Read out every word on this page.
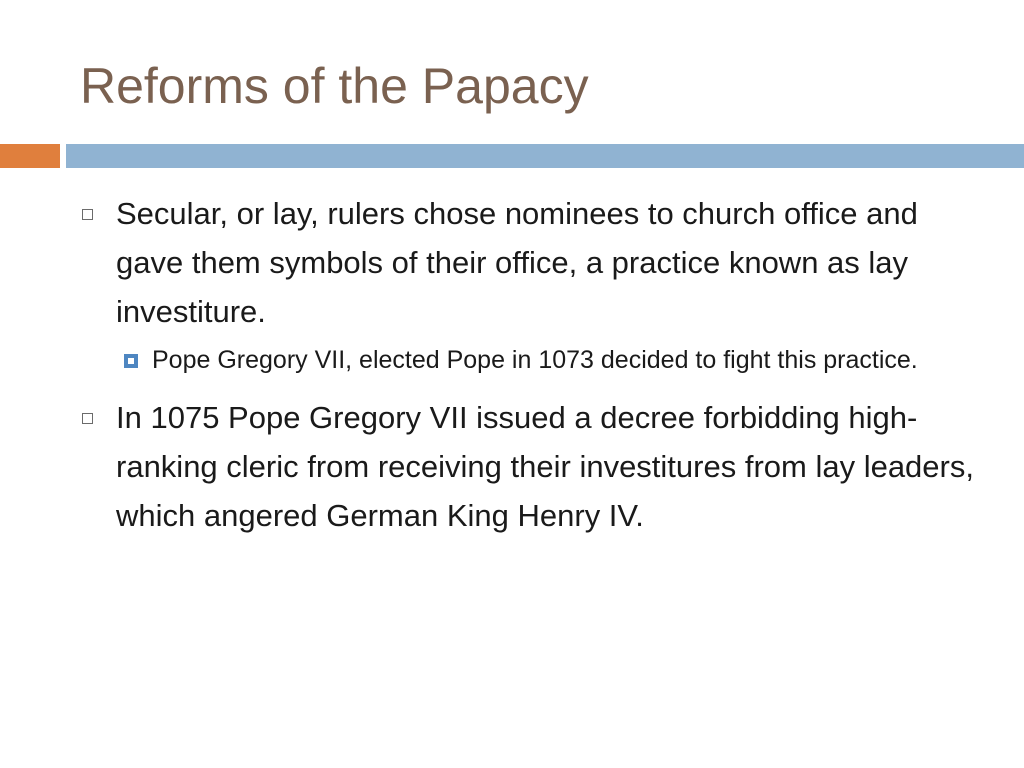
Reforms of the Papacy
Secular, or lay, rulers chose nominees to church office and gave them symbols of their office, a practice known as lay investiture.
Pope Gregory VII, elected Pope in 1073 decided to fight this practice.
In 1075 Pope Gregory VII issued a decree forbidding high-ranking cleric from receiving their investitures from lay leaders, which angered German King Henry IV.
